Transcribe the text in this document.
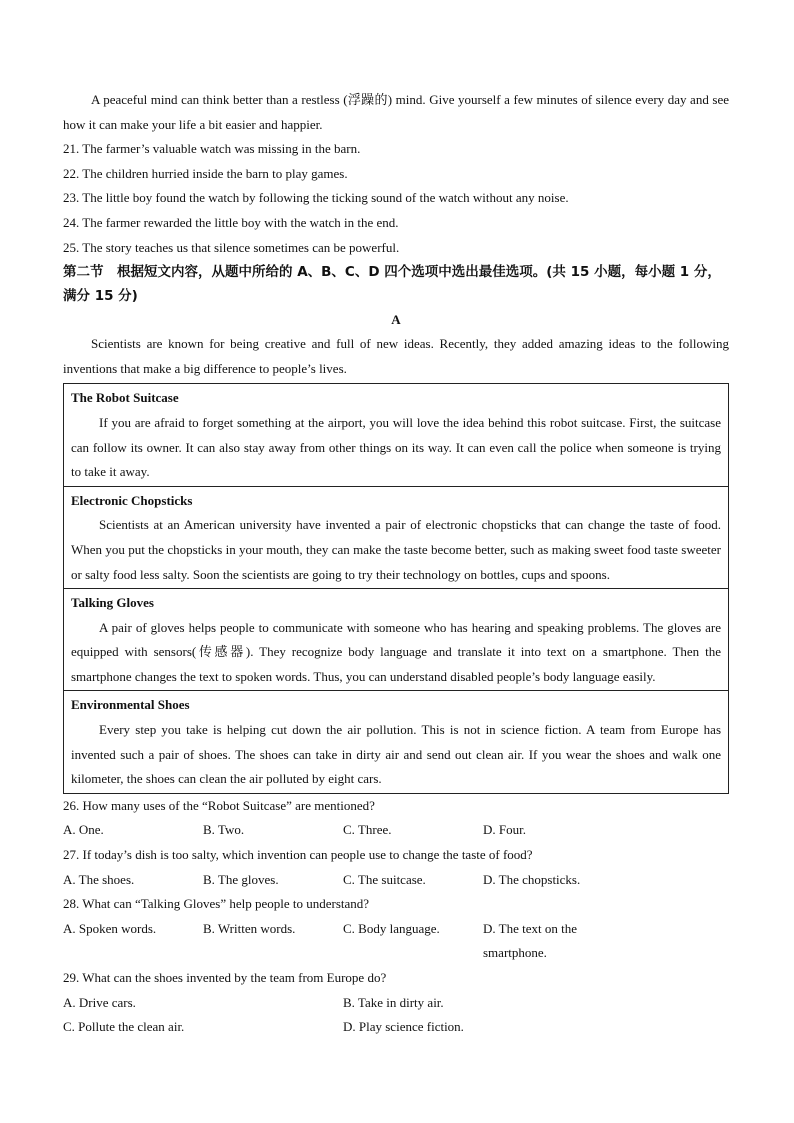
A peaceful mind can think better than a restless (浮躁的) mind. Give yourself a few minutes of silence every day and see how it can make your life a bit easier and happier.
21. The farmer’s valuable watch was missing in the barn.
22. The children hurried inside the barn to play games.
23. The little boy found the watch by following the ticking sound of the watch without any noise.
24. The farmer rewarded the little boy with the watch in the end.
25. The story teaches us that silence sometimes can be powerful.
第二节　根据短文内容，从题中所给的 A、B、C、D 四个选项中选出最佳选项。(共 15 小题，每小题 1 分，满分 15 分)
A
Scientists are known for being creative and full of new ideas. Recently, they added amazing ideas to the following inventions that make a big difference to people’s lives.
The Robot Suitcase
If you are afraid to forget something at the airport, you will love the idea behind this robot suitcase. First, the suitcase can follow its owner. It can also stay away from other things on its way. It can even call the police when someone is trying to take it away.
Electronic Chopsticks
Scientists at an American university have invented a pair of electronic chopsticks that can change the taste of food. When you put the chopsticks in your mouth, they can make the taste become better, such as making sweet food taste sweeter or salty food less salty. Soon the scientists are going to try their technology on bottles, cups and spoons.
Talking Gloves
A pair of gloves helps people to communicate with someone who has hearing and speaking problems. The gloves are equipped with sensors(传感器). They recognize body language and translate it into text on a smartphone. Then the smartphone changes the text to spoken words. Thus, you can understand disabled people’s body language easily.
Environmental Shoes
Every step you take is helping cut down the air pollution. This is not in science fiction. A team from Europe has invented such a pair of shoes. The shoes can take in dirty air and send out clean air. If you wear the shoes and walk one kilometer, the shoes can clean the air polluted by eight cars.
26. How many uses of the “Robot Suitcase” are mentioned?
A. One.	B. Two.	C. Three.	D. Four.
27. If today’s dish is too salty, which invention can people use to change the taste of food?
A. The shoes.	B. The gloves.	C. The suitcase.	D. The chopsticks.
28. What can “Talking Gloves” help people to understand?
A. Spoken words.	B. Written words.	C. Body language.	D. The text on the smartphone.
29. What can the shoes invented by the team from Europe do?
A. Drive cars.	B. Take in dirty air.
C. Pollute the clean air.	D. Play science fiction.
